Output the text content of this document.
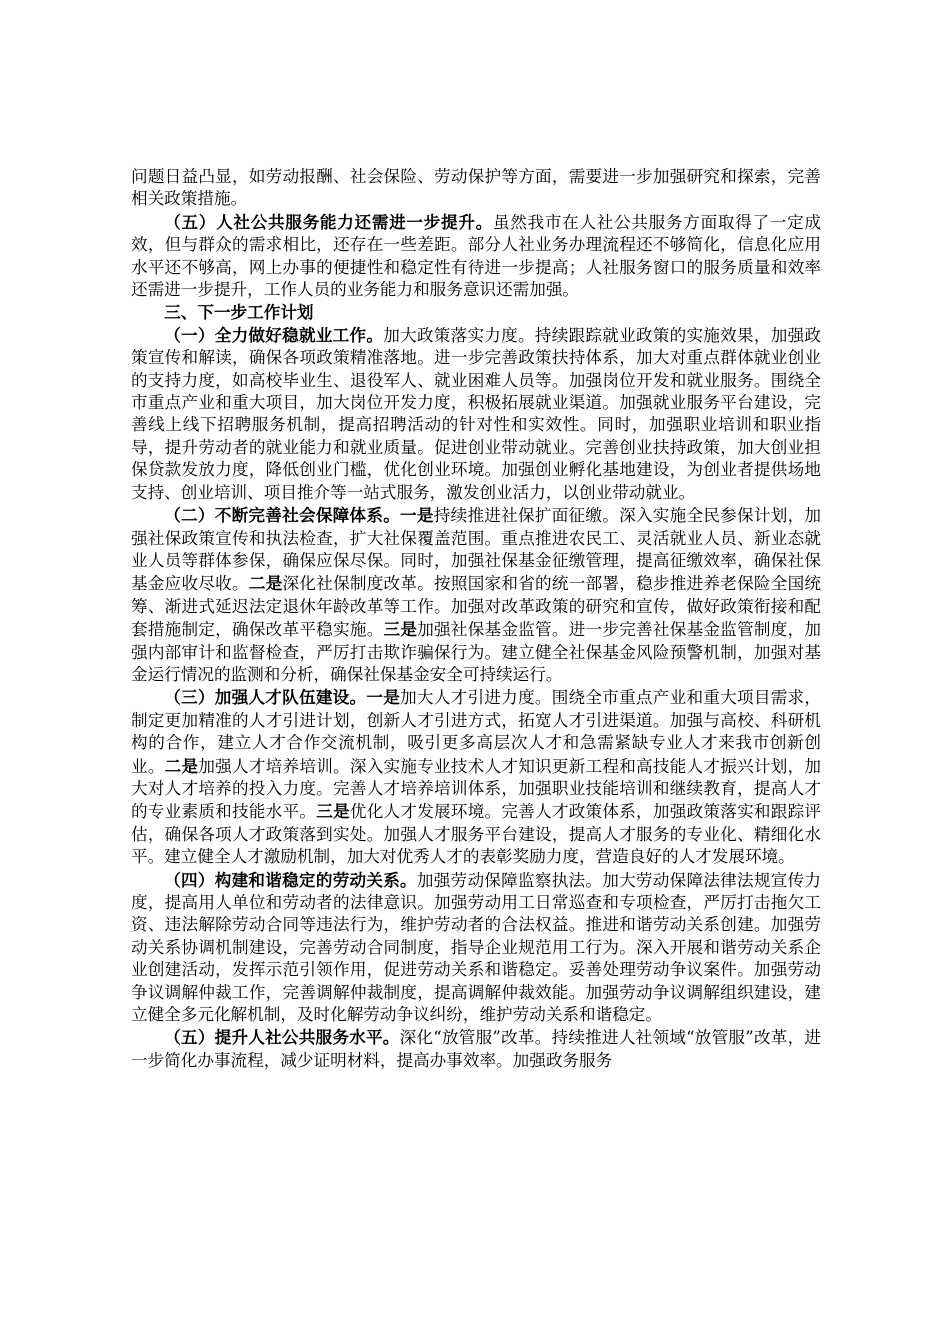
问题日益凸显，如劳动报酬、社会保险、劳动保护等方面，需要进一步加强研究和探索，完善相关政策措施。

（五）人社公共服务能力还需进一步提升。虽然我市在人社公共服务方面取得了一定成效，但与群众的需求相比，还存在一些差距。部分人社业务办理流程还不够简化，信息化应用水平还不够高，网上办事的便捷性和稳定性有待进一步提高；人社服务窗口的服务质量和效率还需进一步提升，工作人员的业务能力和服务意识还需加强。

三、下一步工作计划

（一）全力做好稳就业工作。加大政策落实力度。持续跟踪就业政策的实施效果，加强政策宣传和解读，确保各项政策精准落地。进一步完善政策扶持体系，加大对重点群体就业创业的支持力度，如高校毕业生、退役军人、就业困难人员等。加强岗位开发和就业服务。围绕全市重点产业和重大项目，加大岗位开发力度，积极拓展就业渠道。加强就业服务平台建设，完善线上线下招聘服务机制，提高招聘活动的针对性和实效性。同时，加强职业培训和职业指导，提升劳动者的就业能力和就业质量。促进创业带动就业。完善创业扶持政策，加大创业担保贷款发放力度，降低创业门槛，优化创业环境。加强创业孵化基地建设，为创业者提供场地支持、创业培训、项目推介等一站式服务，激发创业活力，以创业带动就业。

（二）不断完善社会保障体系。一是持续推进社保扩面征缴。深入实施全民参保计划，加强社保政策宣传和执法检查，扩大社保覆盖范围。重点推进农民工、灵活就业人员、新业态就业人员等群体参保，确保应保尽保。同时，加强社保基金征缴管理，提高征缴效率，确保社保基金应收尽收。二是深化社保制度改革。按照国家和省的统一部署，稳步推进养老保险全国统筹、渐进式延迟法定退休年龄改革等工作。加强对改革政策的研究和宣传，做好政策衔接和配套措施制定，确保改革平稳实施。三是加强社保基金监管。进一步完善社保基金监管制度，加强内部审计和监督检查，严厉打击欺诈骗保行为。建立健全社保基金风险预警机制，加强对基金运行情况的监测和分析，确保社保基金安全可持续运行。

（三）加强人才队伍建设。一是加大人才引进力度。围绕全市重点产业和重大项目需求，制定更加精准的人才引进计划，创新人才引进方式，拓宽人才引进渠道。加强与高校、科研机构的合作，建立人才合作交流机制，吸引更多高层次人才和急需紧缺专业人才来我市创新创业。二是加强人才培养培训。深入实施专业技术人才知识更新工程和高技能人才振兴计划，加大对人才培养的投入力度。完善人才培养培训体系，加强职业技能培训和继续教育，提高人才的专业素质和技能水平。三是优化人才发展环境。完善人才政策体系，加强政策落实和跟踪评估，确保各项人才政策落到实处。加强人才服务平台建设，提高人才服务的专业化、精细化水平。建立健全人才激励机制，加大对优秀人才的表彰奖励力度，营造良好的人才发展环境。

（四）构建和谐稳定的劳动关系。加强劳动保障监察执法。加大劳动保障法律法规宣传力度，提高用人单位和劳动者的法律意识。加强劳动用工日常巡查和专项检查，严厉打击拖欠工资、违法解除劳动合同等违法行为，维护劳动者的合法权益。推进和谐劳动关系创建。加强劳动关系协调机制建设，完善劳动合同制度，指导企业规范用工行为。深入开展和谐劳动关系企业创建活动，发挥示范引领作用，促进劳动关系和谐稳定。妥善处理劳动争议案件。加强劳动争议调解仲裁工作，完善调解仲裁制度，提高调解仲裁效能。加强劳动争议调解组织建设，建立健全多元化解机制，及时化解劳动争议纠纷，维护劳动关系和谐稳定。

（五）提升人社公共服务水平。深化“放管服”改革。持续推进人社领域“放管服”改革，进一步简化办事流程，减少证明材料，提高办事效率。加强政务服务
